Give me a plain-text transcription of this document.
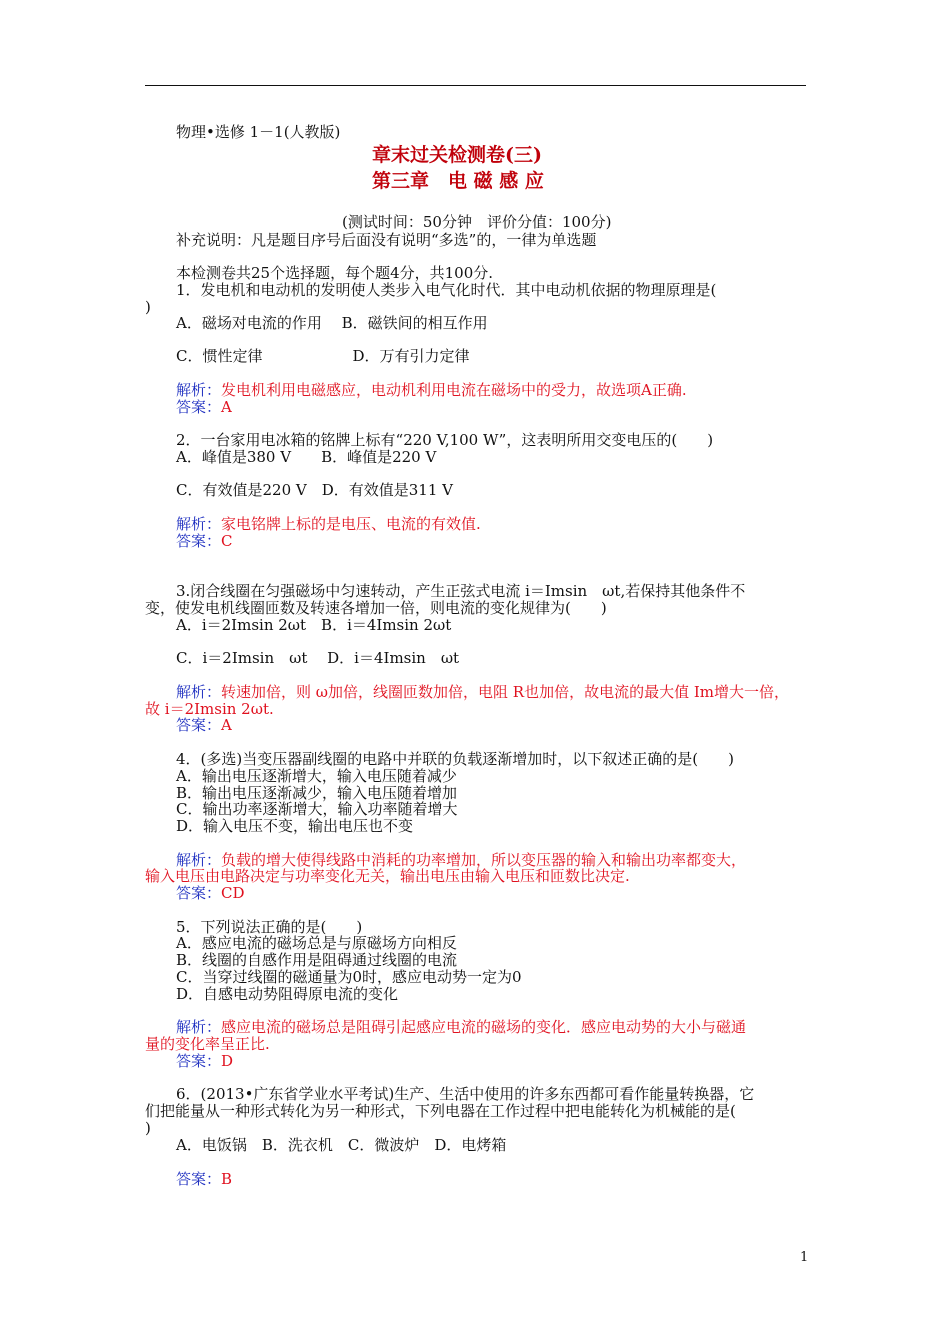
物理•选修 1－1(人教版)
章末过关检测卷(三)
第三章　电 磁 感 应
(测试时间：50分钟　评价分值：100分)
补充说明：凡是题目序号后面没有说明“多选”的，一律为单选题
本检测卷共25个选择题，每个题4分，共100分.
1．发电机和电动机的发明使人类步入电气化时代．其中电动机依据的物理原理是(
)
A．磁场对电流的作用　 B．磁铁间的相互作用
C．惯性定律　　　　　　D．万有引力定律
解析：发电机利用电磁感应，电动机利用电流在磁场中的受力，故选项A正确.
答案：A
2．一台家用电冰箱的铭牌上标有“220 V,100 W”，这表明所用交变电压的(　　)
A．峰值是380 V　　B．峰值是220 V
C．有效值是220 V　D．有效值是311 V
解析：家电铭牌上标的是电压、电流的有效值.
答案：C
3.闭合线圈在匀强磁场中匀速转动，产生正弦式电流 i＝Imsin　ωt,若保持其他条件不
变，使发电机线圈匝数及转速各增加一倍，则电流的变化规律为(　　)
A．i＝2Imsin 2ωt　B．i＝4Imsin 2ωt
C．i＝2Imsin　ωt　 D．i＝4Imsin　ωt
解析：转速加倍，则 ω加倍，线圈匝数加倍，电阻 R也加倍，故电流的最大值 Im增大一倍，
故 i＝2Imsin 2ωt.
答案：A
4．(多选)当变压器副线圈的电路中并联的负载逐渐增加时，以下叙述正确的是(　　)
A．输出电压逐渐增大，输入电压随着减少
B．输出电压逐渐减少，输入电压随着增加
C．输出功率逐渐增大，输入功率随着增大
D．输入电压不变，输出电压也不变
解析：负载的增大使得线路中消耗的功率增加，所以变压器的输入和输出功率都变大，
输入电压由电路决定与功率变化无关，输出电压由输入电压和匝数比决定.
答案：CD
5．下列说法正确的是(　　)
A．感应电流的磁场总是与原磁场方向相反
B．线圈的自感作用是阻碍通过线圈的电流
C．当穿过线圈的磁通量为0时，感应电动势一定为0
D．自感电动势阻碍原电流的变化
解析：感应电流的磁场总是阻碍引起感应电流的磁场的变化．感应电动势的大小与磁通
量的变化率呈正比.
答案：D
6．(2013•广东省学业水平考试)生产、生活中使用的许多东西都可看作能量转换器，它
们把能量从一种形式转化为另一种形式，下列电器在工作过程中把电能转化为机械能的是(
)
A．电饭锅　B．洗衣机　C．微波炉　D．电烤箱
答案：B
1
